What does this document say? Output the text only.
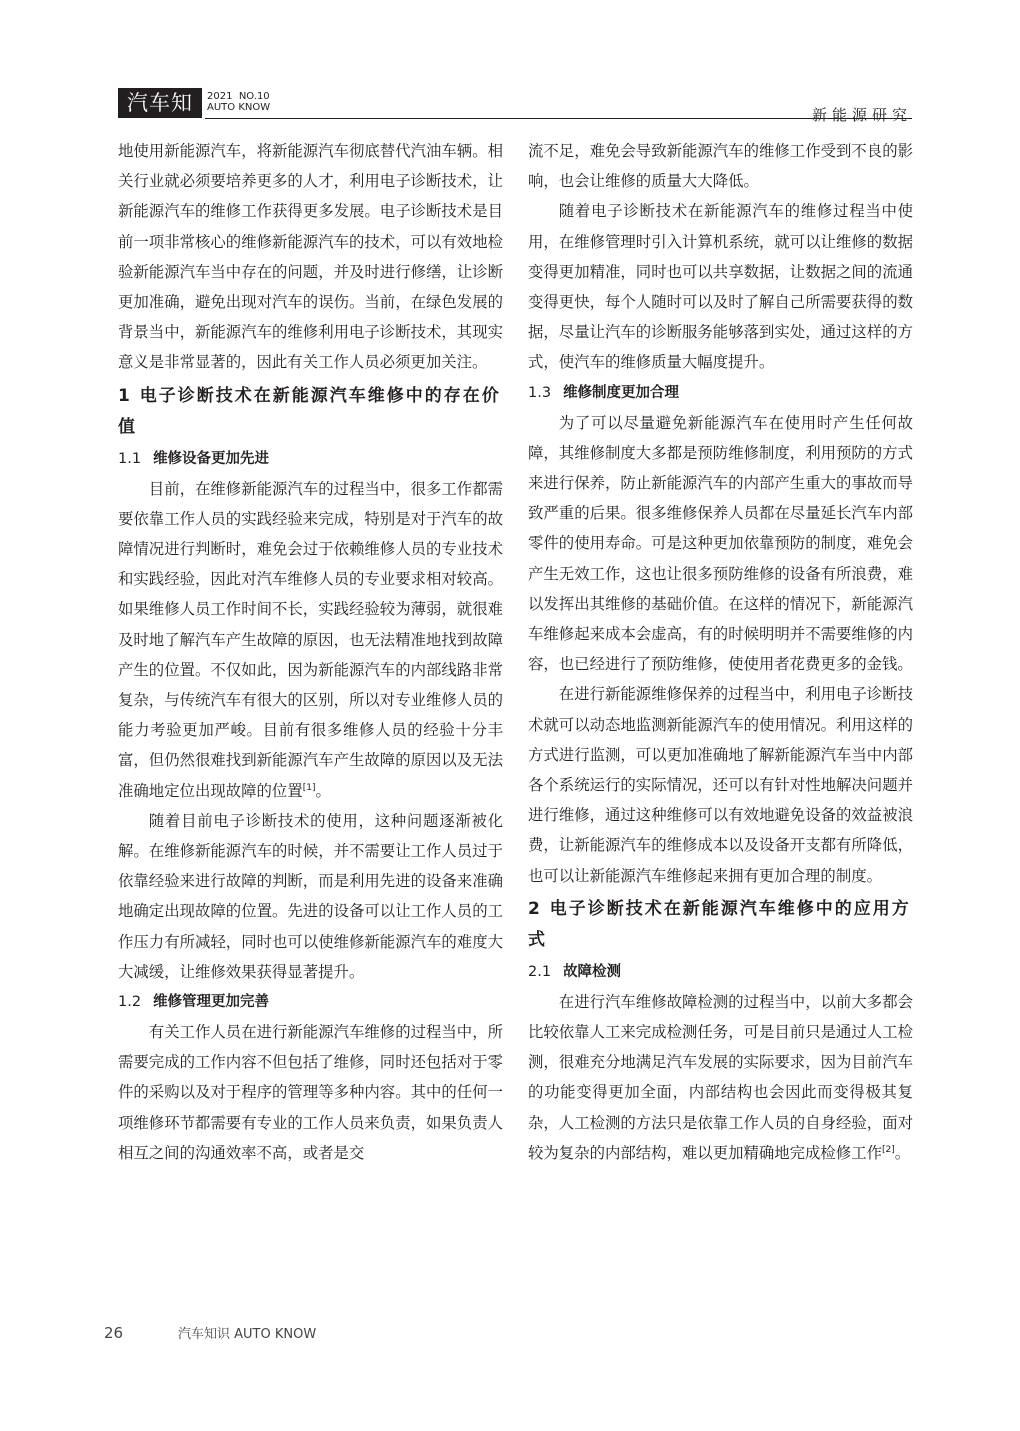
汽车知识
2021 NO.10
AUTO KNOW	新能源研究

地使用新能源汽车，将新能源汽车彻底替代汽油车辆。相关行业就必须要培养更多的人才，利用电子诊断技术，让新能源汽车的维修工作获得更多发展。电子诊断技术是目前一项非常核心的维修新能源汽车的技术，可以有效地检验新能源汽车当中存在的问题，并及时进行修缮，让诊断更加准确，避免出现对汽车的误伤。当前，在绿色发展的背景当中，新能源汽车的维修利用电子诊断技术，其现实意义是非常显著的，因此有关工作人员必须更加关注。

1 电子诊断技术在新能源汽车维修中的存在价值

1.1 维修设备更加先进

目前，在维修新能源汽车的过程当中，很多工作都需要依靠工作人员的实践经验来完成，特别是对于汽车的故障情况进行判断时，难免会过于依赖维修人员的专业技术和实践经验，因此对汽车维修人员的专业要求相对较高。如果维修人员工作时间不长，实践经验较为薄弱，就很难及时地了解汽车产生故障的原因，也无法精准地找到故障产生的位置。不仅如此，因为新能源汽车的内部线路非常复杂，与传统汽车有很大的区别，所以对专业维修人员的能力考验更加严峻。目前有很多维修人员的经验十分丰富，但仍然很难找到新能源汽车产生故障的原因以及无法准确地定位出现故障的位置[1]。

随着目前电子诊断技术的使用，这种问题逐渐被化解。在维修新能源汽车的时候，并不需要让工作人员过于依靠经验来进行故障的判断，而是利用先进的设备来准确地确定出现故障的位置。先进的设备可以让工作人员的工作压力有所减轻，同时也可以使维修新能源汽车的难度大大减缓，让维修效果获得显著提升。

1.2 维修管理更加完善

有关工作人员在进行新能源汽车维修的过程当中，所需要完成的工作内容不但包括了维修，同时还包括对于零件的采购以及对于程序的管理等多种内容。其中的任何一项维修环节都需要有专业的工作人员来负责，如果负责人相互之间的沟通效率不高，或者是交

流不足，难免会导致新能源汽车的维修工作受到不良的影响，也会让维修的质量大大降低。

随着电子诊断技术在新能源汽车的维修过程当中使用，在维修管理时引入计算机系统，就可以让维修的数据变得更加精准，同时也可以共享数据，让数据之间的流通变得更快，每个人随时可以及时了解自己所需要获得的数据，尽量让汽车的诊断服务能够落到实处，通过这样的方式，使汽车的维修质量大幅度提升。

1.3 维修制度更加合理

为了可以尽量避免新能源汽车在使用时产生任何故障，其维修制度大多都是预防维修制度，利用预防的方式来进行保养，防止新能源汽车的内部产生重大的事故而导致严重的后果。很多维修保养人员都在尽量延长汽车内部零件的使用寿命。可是这种更加依靠预防的制度，难免会产生无效工作，这也让很多预防维修的设备有所浪费，难以发挥出其维修的基础价值。在这样的情况下，新能源汽车维修起来成本会虚高，有的时候明明并不需要维修的内容，也已经进行了预防维修，使使用者花费更多的金钱。

在进行新能源维修保养的过程当中，利用电子诊断技术就可以动态地监测新能源汽车的使用情况。利用这样的方式进行监测，可以更加准确地了解新能源汽车当中内部各个系统运行的实际情况，还可以有针对性地解决问题并进行维修，通过这种维修可以有效地避免设备的效益被浪费，让新能源汽车的维修成本以及设备开支都有所降低，也可以让新能源汽车维修起来拥有更加合理的制度。

2 电子诊断技术在新能源汽车维修中的应用方式

2.1 故障检测

在进行汽车维修故障检测的过程当中，以前大多都会比较依靠人工来完成检测任务，可是目前只是通过人工检测，很难充分地满足汽车发展的实际要求，因为目前汽车的功能变得更加全面，内部结构也会因此而变得极其复杂，人工检测的方法只是依靠工作人员的自身经验，面对较为复杂的内部结构，难以更加精确地完成检修工作[2]。

26	汽车知识 AUTO KNOW
